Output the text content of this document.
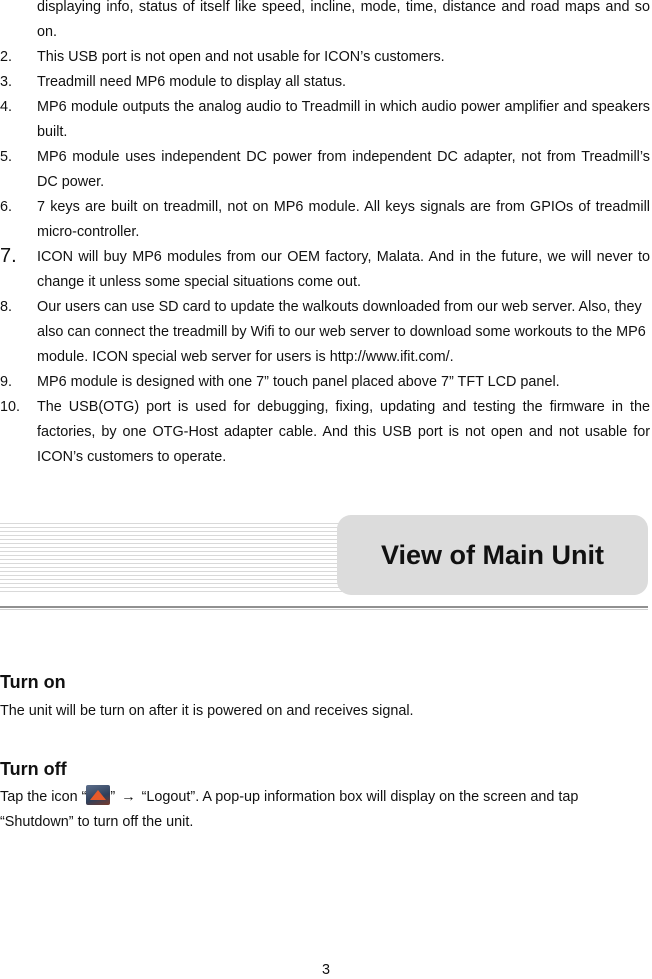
displaying info, status of itself like speed, incline, mode, time, distance and road maps and so on.
2. This USB port is not open and not usable for ICON’s customers.
3. Treadmill need MP6 module to display all status.
4. MP6 module outputs the analog audio to Treadmill in which audio power amplifier and speakers built.
5. MP6 module uses independent DC power from independent DC adapter, not from Treadmill’s DC power.
6. 7 keys are built on treadmill, not on MP6 module. All keys signals are from GPIOs of treadmill micro-controller.
7. ICON will buy MP6 modules from our OEM factory, Malata. And in the future, we will never to change it unless some special situations come out.
8. Our users can use SD card to update the walkouts downloaded from our web server. Also, they also can connect the treadmill by Wifi to our web server to download some workouts to the MP6 module. ICON special web server for users is http://www.ifit.com/.
9. MP6 module is designed with one 7” touch panel placed above 7” TFT LCD panel.
10. The USB(OTG) port is used for debugging, fixing, updating and testing the firmware in the factories, by one OTG-Host adapter cable. And this USB port is not open and not usable for ICON’s customers to operate.
View of Main Unit
Turn on
The unit will be turn on after it is powered on and receives signal.
Turn off
Tap the icon “ ” → “Logout”. A pop-up information box will display on the screen and tap “Shutdown” to turn off the unit.
3
